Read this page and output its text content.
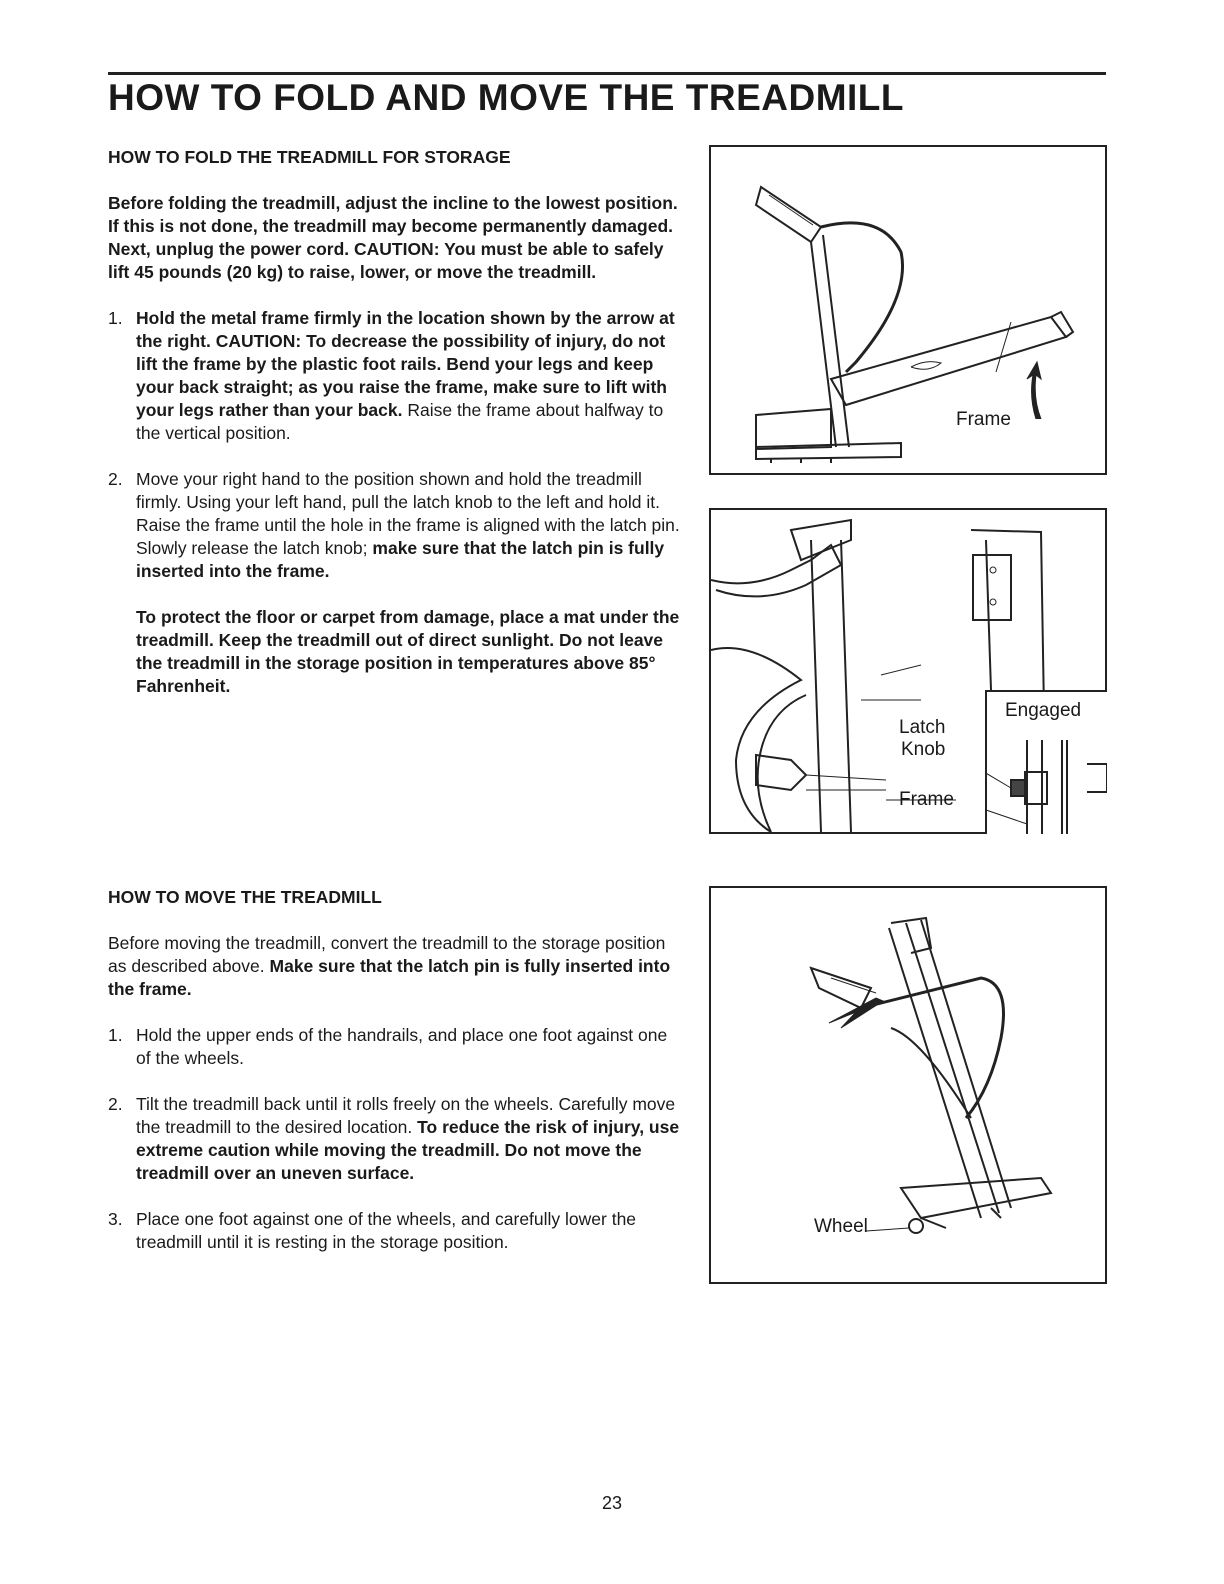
HOW TO FOLD AND MOVE THE TREADMILL

HOW TO FOLD THE TREADMILL FOR STORAGE

Before folding the treadmill, adjust the incline to the lowest position. If this is not done, the treadmill may become permanently damaged. Next, unplug the power cord. CAUTION: You must be able to safely lift 45 pounds (20 kg) to raise, lower, or move the treadmill.

1. Hold the metal frame firmly in the location shown by the arrow at the right. CAUTION: To decrease the possibility of injury, do not lift the frame by the plastic foot rails. Bend your legs and keep your back straight; as you raise the frame, make sure to lift with your legs rather than your back. Raise the frame about halfway to the vertical position.
2. Move your right hand to the position shown and hold the treadmill firmly. Using your left hand, pull the latch knob to the left and hold it. Raise the frame until the hole in the frame is aligned with the latch pin. Slowly release the latch knob; make sure that the latch pin is fully inserted into the frame.

To protect the floor or carpet from damage, place a mat under the treadmill. Keep the treadmill out of direct sunlight. Do not leave the treadmill in the storage position in temperatures above 85° Fahrenheit.

HOW TO MOVE THE TREADMILL

Before moving the treadmill, convert the treadmill to the storage position as described above. Make sure that the latch pin is fully inserted into the frame.

1. Hold the upper ends of the handrails, and place one foot against one of the wheels.
2. Tilt the treadmill back until it rolls freely on the wheels. Carefully move the treadmill to the desired location. To reduce the risk of injury, use extreme caution while moving the treadmill. Do not move the treadmill over an uneven surface.
3. Place one foot against one of the wheels, and carefully lower the treadmill until it is resting in the storage position.
Frame
Latch
Knob
Frame
Engaged
Wheel
23
